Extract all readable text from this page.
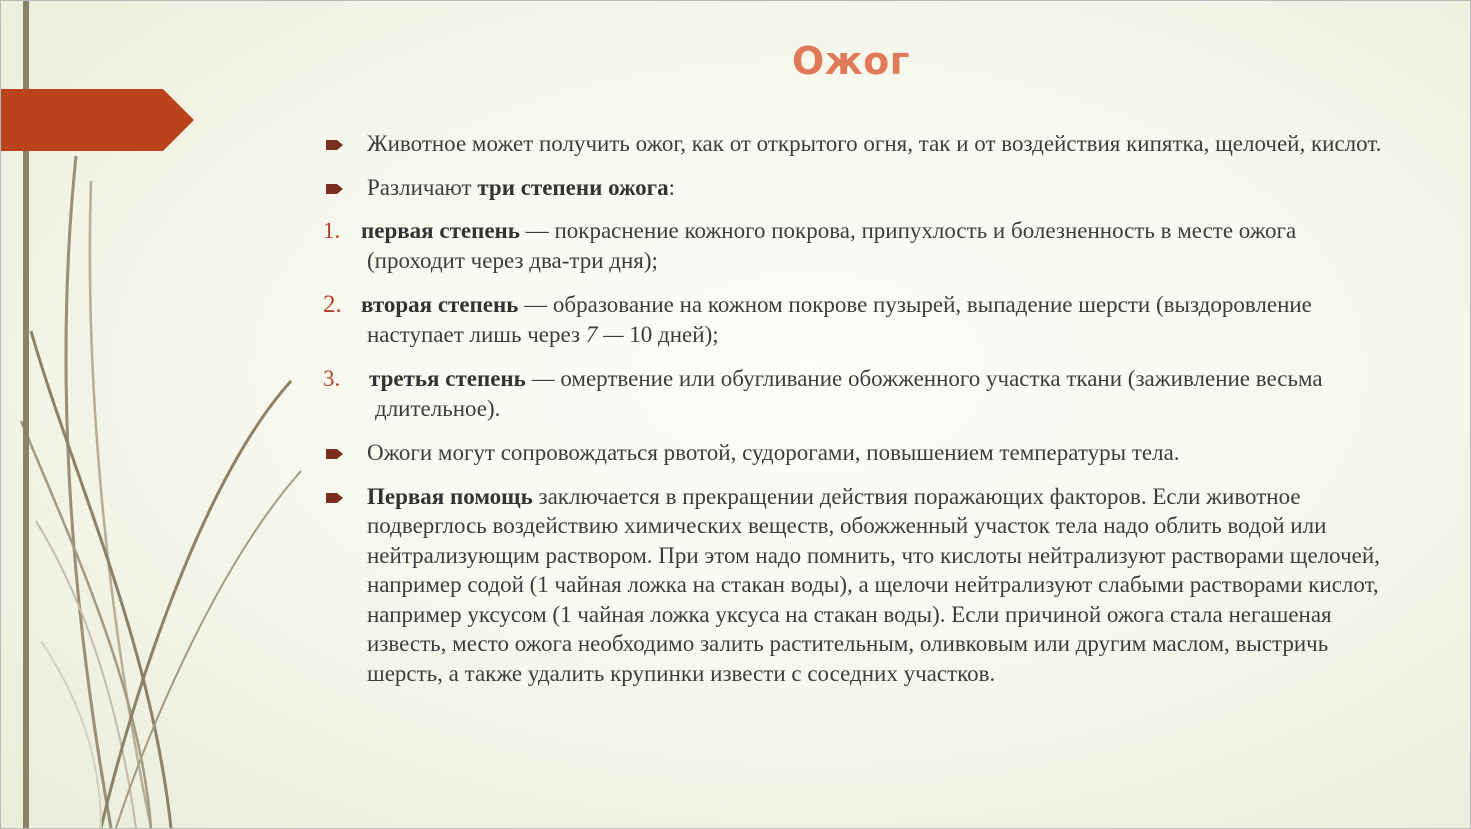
Ожог
Животное может получить ожог, как от открытого огня, так и от воздействия кипятка, щелочей, кислот.
Различают три степени ожога:
1. первая степень — покраснение кожного покрова, припухлость и болезненность в месте ожога (проходит через два-три дня);
2. вторая степень — образование на кожном покрове пузырей, выпадение шерсти (выздоровление наступает лишь через 7 — 10 дней);
3. третья степень — омертвение или обугливание обожженного участка ткани (заживление весьма длительное).
Ожоги могут сопровождаться рвотой, судорогами, повышением температуры тела.
Первая помощь заключается в прекращении действия поражающих факторов. Если животное подверглось воздействию химических веществ, обожженный участок тела надо облить водой или нейтрализующим раствором. При этом надо помнить, что кислоты нейтрализуют растворами щелочей, например содой (1 чайная ложка на стакан воды), а щелочи нейтрализуют слабыми растворами кислот, например уксусом (1 чайная ложка уксуса на стакан воды). Если причиной ожога стала негашеная известь, место ожога необходимо залить растительным, оливковым или другим маслом, выстричь шерсть, а также удалить крупинки извести с соседних участков.
